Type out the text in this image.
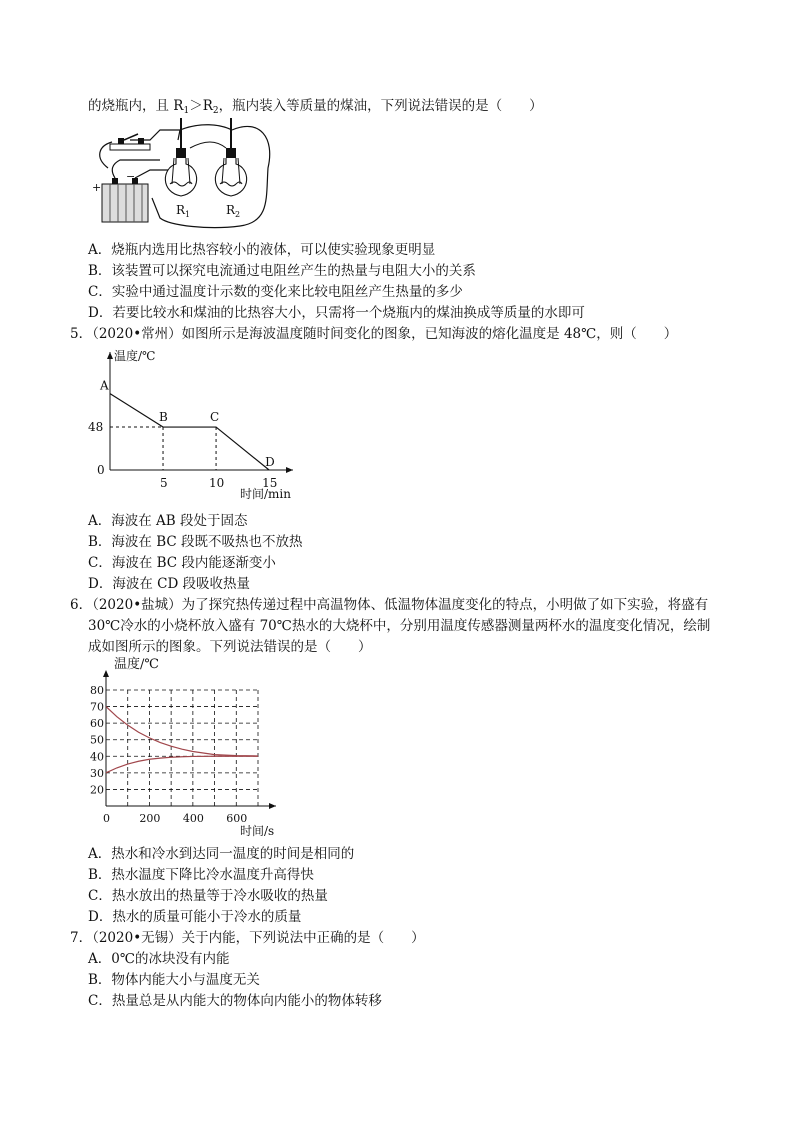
的烧瓶内，且 $R_1>R_2$，瓶内装入等质量的煤油，下列说法错误的是（　　）
+
−
$R_1$	$R_2$
A．烧瓶内选用比热容较小的液体，可以使实验现象更明显
B．该装置可以探究电流通过电阻丝产生的热量与电阻大小的关系
C．实验中通过温度计示数的变化来比较电阻丝产生热量的多少
D．若要比较水和煤油的比热容大小，只需将一个烧瓶内的煤油换成等质量的水即可
5．（2020•常州）如图所示是海波温度随时间变化的图象，已知海波的熔化温度是 48℃，则（　　）
温度/℃
时间/min
0
48
5	10	15
A
B	C
D
A．海波在 AB 段处于固态
B．海波在 BC 段既不吸热也不放热
C．海波在 BC 段内能逐渐变小
D．海波在 CD 段吸收热量
6．（2020•盐城）为了探究热传递过程中高温物体、低温物体温度变化的特点，小明做了如下实验，将盛有
30℃冷水的小烧杯放入盛有 70℃热水的大烧杯中，分别用温度传感器测量两杯水的温度变化情况，绘制
成如图所示的图象。下列说法错误的是（　　）
温度/℃
时间/s
20
30
40
50
60
70
80
0	200 400 600
A．热水和冷水到达同一温度的时间是相同的
B．热水温度下降比冷水温度升高得快
C．热水放出的热量等于冷水吸收的热量
D．热水的质量可能小于冷水的质量
7．（2020•无锡）关于内能，下列说法中正确的是（　　）
A．0℃的冰块没有内能
B．物体内能大小与温度无关
C．热量总是从内能大的物体向内能小的物体转移
